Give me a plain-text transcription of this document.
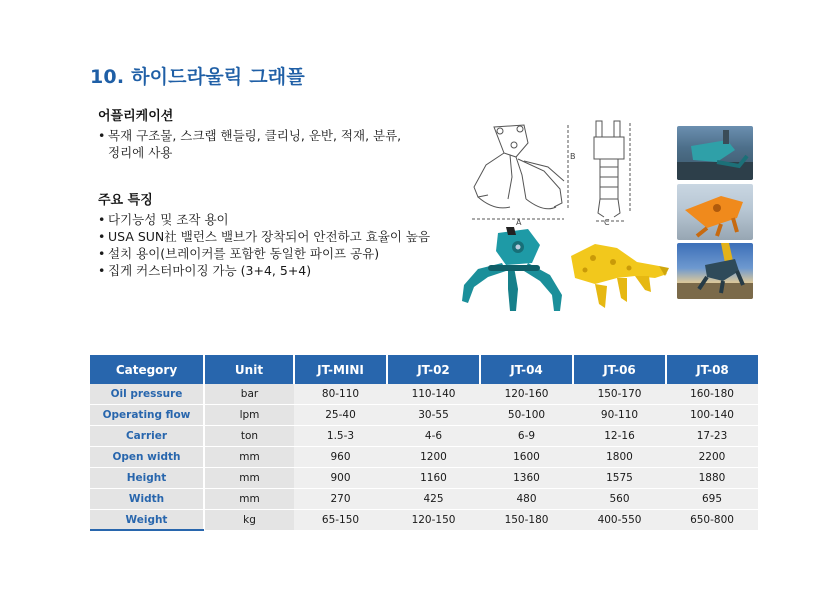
10. 하이드라울릭 그래플
어플리케이션
• 목재 구조물, 스크랩 핸들링, 클리닝, 운반, 적재, 분류,
정리에 사용
주요 특징
• 다기능성 및 조작 용이
• USA SUN社 밸런스 밸브가 장착되어 안전하고 효율이 높음
• 설치 용이(브레이커를 포함한 동일한 파이프 공유)
• 집게 커스터마이징 가능 (3+4, 5+4)
A
B
C
Category	Unit	JT-MINI	JT-02	JT-04	JT-06	JT-08
Oil pressure	bar	80-110	110-140	120-160	150-170	160-180
Operating flow	lpm	25-40	30-55	50-100	90-110	100-140
Carrier	ton	1.5-3	4-6	6-9	12-16	17-23
Open width	mm	960	1200	1600	1800	2200
Height	mm	900	1160	1360	1575	1880
Width	mm	270	425	480	560	695
Weight	kg	65-150	120-150	150-180	400-550	650-800
